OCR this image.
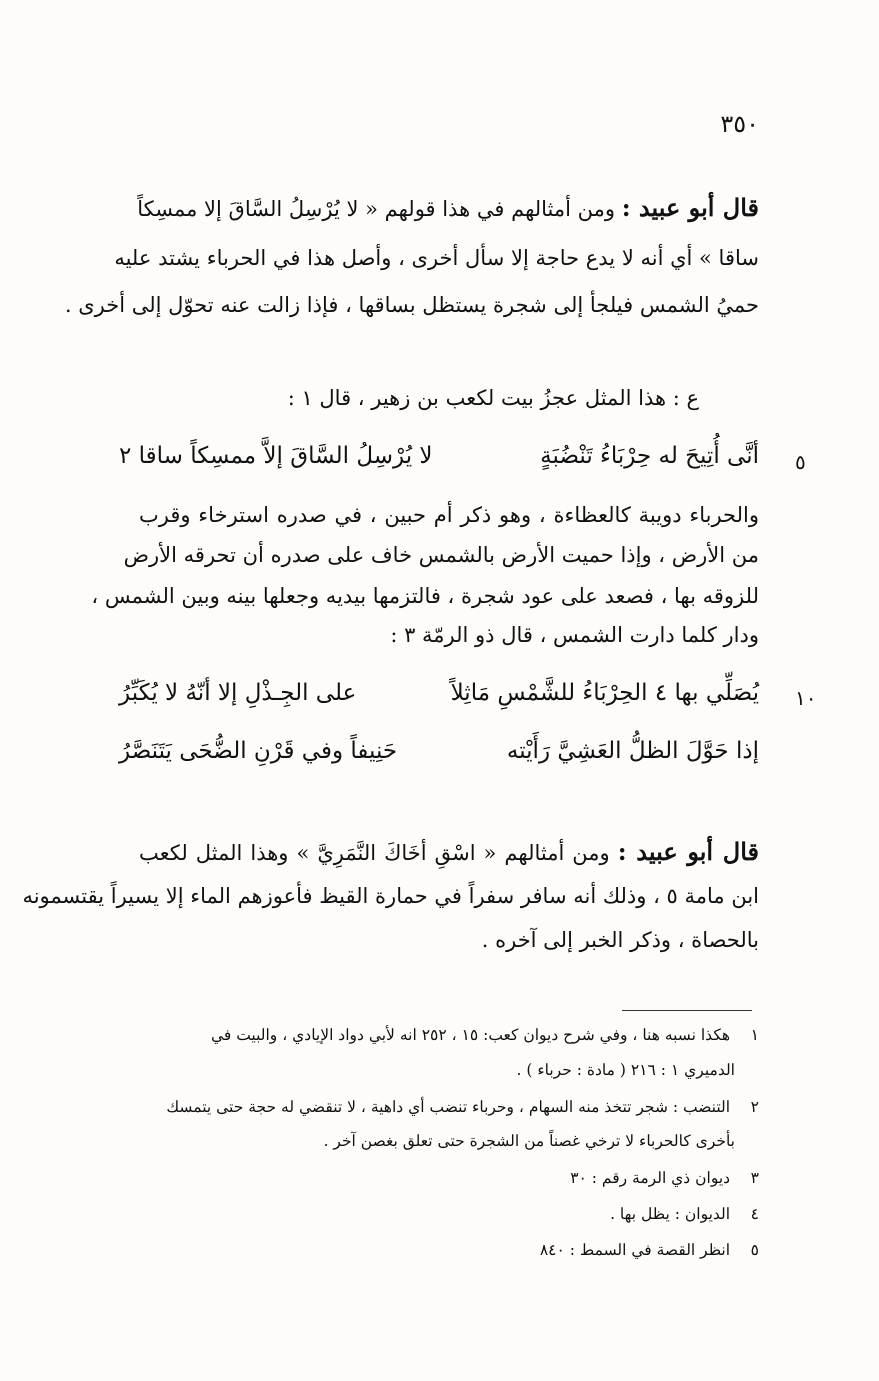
٣٥٠
قال أبو عبيد : ومن أمثالهم في هذا قولهم « لا يُرْسِلُ السَّاقَ إلا ممسِكاً
ساقا » أي أنه لا يدع حاجة إلا سأل أخرى ، وأصل هذا في الحرباء يشتد عليه
حميُ الشمس فيلجأ إلى شجرة يستظل بساقها ، فإذا زالت عنه تحوّل إلى أخرى .
ع : هذا المثل عجزُ بيت لكعب بن زهير ، قال ١ :
أنَّى أُتِيحَ له حِرْبَاءُ تَنْضُبَةٍ
لا يُرْسِلُ السَّاقَ إلاَّ ممسِكاً ساقا ٢	٥
والحرباء دويبة كالعظاءة ، وهو ذكر أم حبين ، في صدره استرخاء وقرب
من الأرض ، وإذا حميت الأرض بالشمس خاف على صدره أن تحرقه الأرض
للزوقه بها ، فصعد على عود شجرة ، فالتزمها بيديه وجعلها بينه وبين الشمس ،
ودار كلما دارت الشمس ، قال ذو الرمّة ٣ :
يُصَلِّي بها ٤ الحِرْبَاءُ للشَّمْسِ مَاثِلاً
على الجِـذْلِ إلا أنّهُ لا يُكَبِّرُ	١٠
إذا حَوَّلَ الظلُّ العَشِيَّ رَأَيْته
حَنِيفاً وفي قَرْنِ الضُّحَى يَتَنَصَّرُ
قال أبو عبيد : ومن أمثالهم « اسْقِ أخَاكَ النَّمَرِيَّ » وهذا المثل لكعب
ابن مامة ٥ ، وذلك أنه سافر سفراً في حمارة القيظ فأعوزهم الماء إلا يسيراً يقتسمونه
بالحصاة ، وذكر الخبر إلى آخره .
١ هكذا نسبه هنا ، وفي شرح ديوان كعب: ١٥ ، ٢٥٢ انه لأبي دواد الإيادي ، والبيت في
الدميري ١ : ٢١٦ ( مادة : حرباء ) .
٢ التنضب : شجر تتخذ منه السهام ، وحرباء تنضب أي داهية ، لا تنقضي له حجة حتى يتمسك
بأخرى كالحرباء لا ترخي غصناً من الشجرة حتى تعلق بغصن آخر .
٣ ديوان ذي الرمة رقم : ٣٠
٤ الديوان : يظل بها .
٥ انظر القصة في السمط : ٨٤٠
